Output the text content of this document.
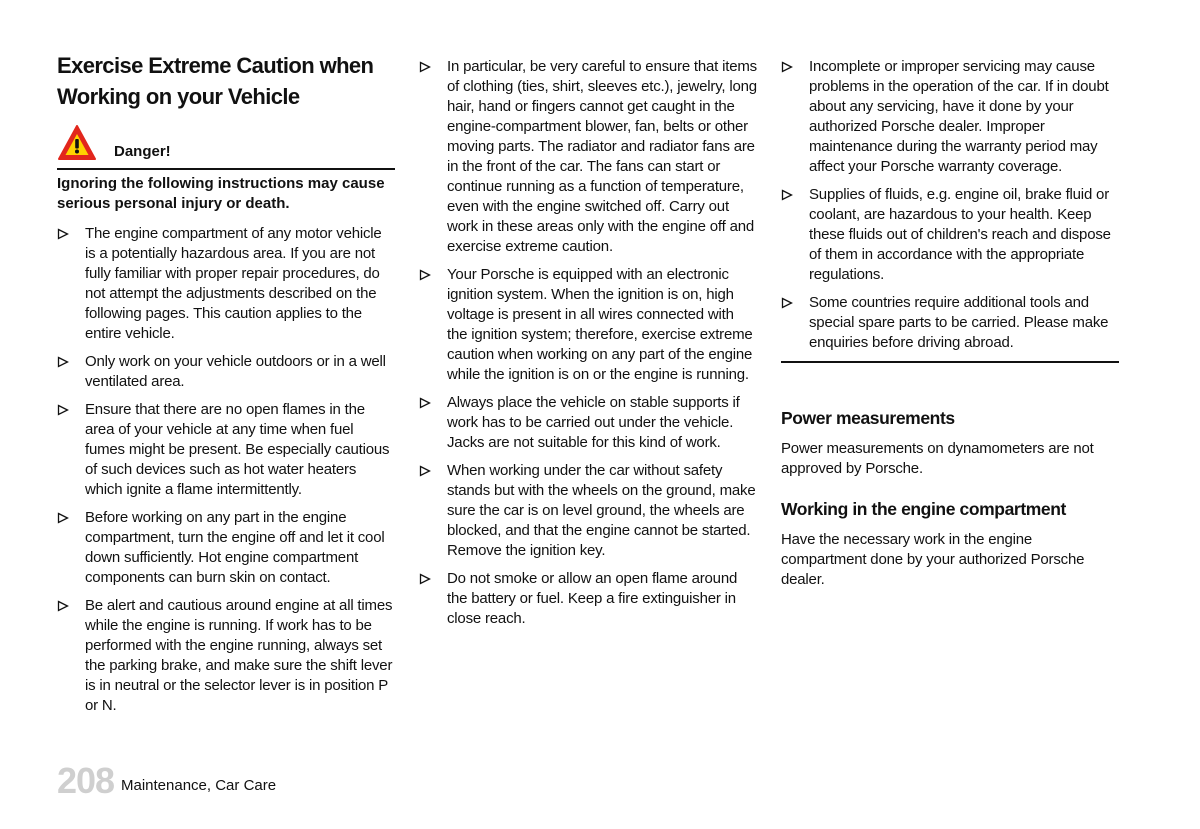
Exercise Extreme Caution when Working on your Vehicle
Danger!

Ignoring the following instructions may cause serious personal injury or death.

The engine compartment of any motor vehicle is a potentially hazardous area. If you are not fully familiar with proper repair procedures, do not attempt the adjustments described on the following pages. This caution applies to the entire vehicle.
Only work on your vehicle outdoors or in a well ventilated area.
Ensure that there are no open flames in the area of your vehicle at any time when fuel fumes might be present. Be especially cautious of such devices such as hot water heaters which ignite a flame intermittently.
Before working on any part in the engine compartment, turn the engine off and let it cool down sufficiently. Hot engine compartment components can burn skin on contact.
Be alert and cautious around engine at all times while the engine is running. If work has to be performed with the engine running, always set the parking brake, and make sure the shift lever is in neutral or the selector lever is in position P or N.
In particular, be very careful to ensure that items of clothing (ties, shirt, sleeves etc.), jewelry, long hair, hand or fingers cannot get caught in the engine-compartment blower, fan, belts or other moving parts. The radiator and radiator fans are in the front of the car. The fans can start or continue running as a function of temperature, even with the engine switched off. Carry out work in these areas only with the engine off and exercise extreme caution.
Your Porsche is equipped with an electronic ignition system. When the ignition is on, high voltage is present in all wires connected with the ignition system; therefore, exercise extreme caution when working on any part of the engine while the ignition is on or the engine is running.
Always place the vehicle on stable supports if work has to be carried out under the vehicle. Jacks are not suitable for this kind of work.
When working under the car without safety stands but with the wheels on the ground, make sure the car is on level ground, the wheels are blocked, and that the engine cannot be started. Remove the ignition key.
Do not smoke or allow an open flame around the battery or fuel. Keep a fire extinguisher in close reach.
Incomplete or improper servicing may cause problems in the operation of the car. If in doubt about any servicing, have it done by your authorized Porsche dealer. Improper maintenance during the warranty period may affect your Porsche warranty coverage.
Supplies of fluids, e.g. engine oil, brake fluid or coolant, are hazardous to your health. Keep these fluids out of children's reach and dispose of them in accordance with the appropriate regulations.
Some countries require additional tools and special spare parts to be carried. Please make enquiries before driving abroad.
Power measurements

Power measurements on dynamometers are not approved by Porsche.

Working in the engine compartment

Have the necessary work in the engine compartment done by your authorized Porsche dealer.

208 Maintenance, Car Care
